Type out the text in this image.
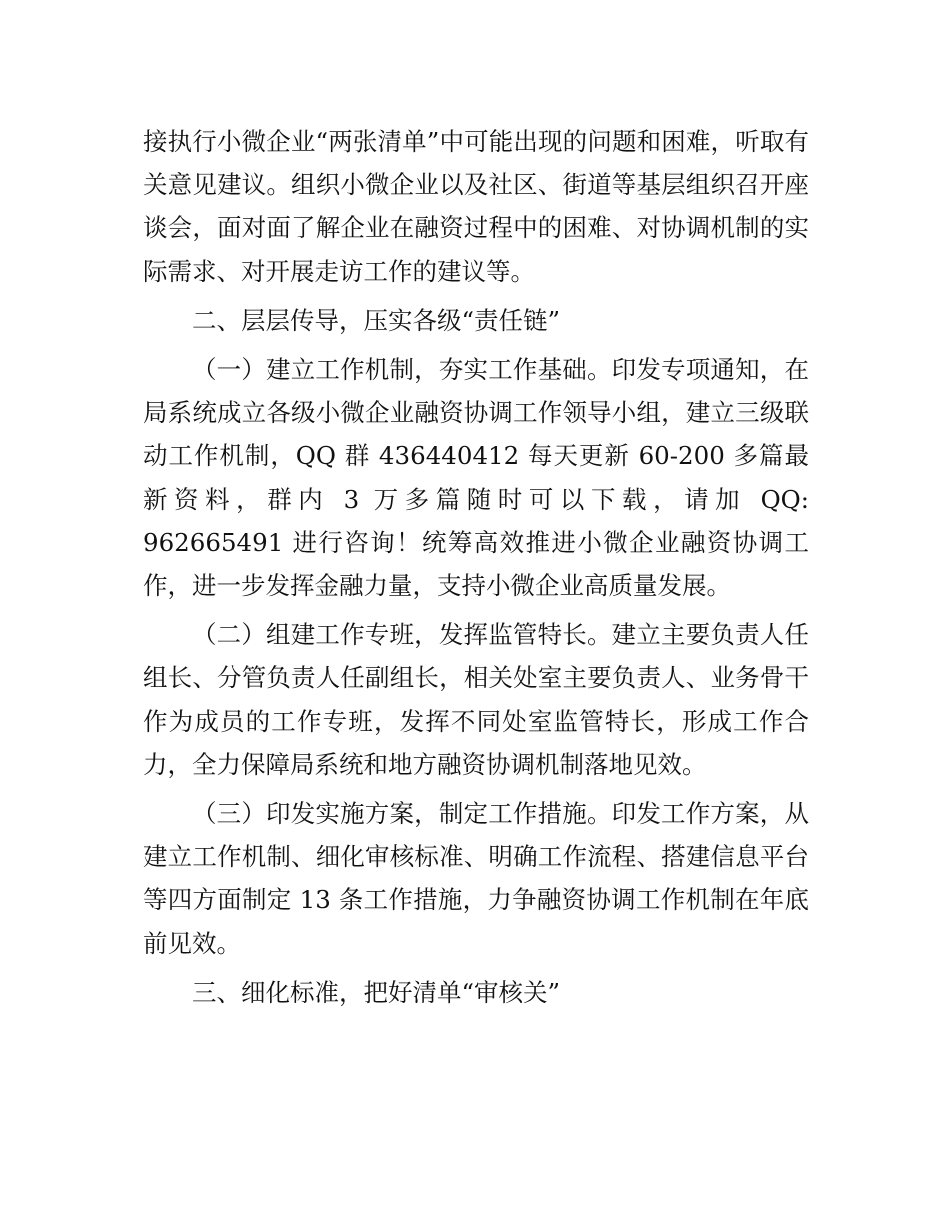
接执行小微企业“两张清单”中可能出现的问题和困难，听取有关意见建议。组织小微企业以及社区、街道等基层组织召开座谈会，面对面了解企业在融资过程中的困难、对协调机制的实际需求、对开展走访工作的建议等。

二、层层传导，压实各级“责任链”

（一）建立工作机制，夯实工作基础。印发专项通知，在局系统成立各级小微企业融资协调工作领导小组，建立三级联动工作机制，QQ 群 436440412 每天更新 60-200 多篇最新资料，群内 3 万多篇随时可以下载，请加 QQ: 962665491 进行咨询！统筹高效推进小微企业融资协调工作，进一步发挥金融力量，支持小微企业高质量发展。

（二）组建工作专班，发挥监管特长。建立主要负责人任组长、分管负责人任副组长，相关处室主要负责人、业务骨干作为成员的工作专班，发挥不同处室监管特长，形成工作合力，全力保障局系统和地方融资协调机制落地见效。

（三）印发实施方案，制定工作措施。印发工作方案，从建立工作机制、细化审核标准、明确工作流程、搭建信息平台等四方面制定 13 条工作措施，力争融资协调工作机制在年底前见效。

三、细化标准，把好清单“审核关”
